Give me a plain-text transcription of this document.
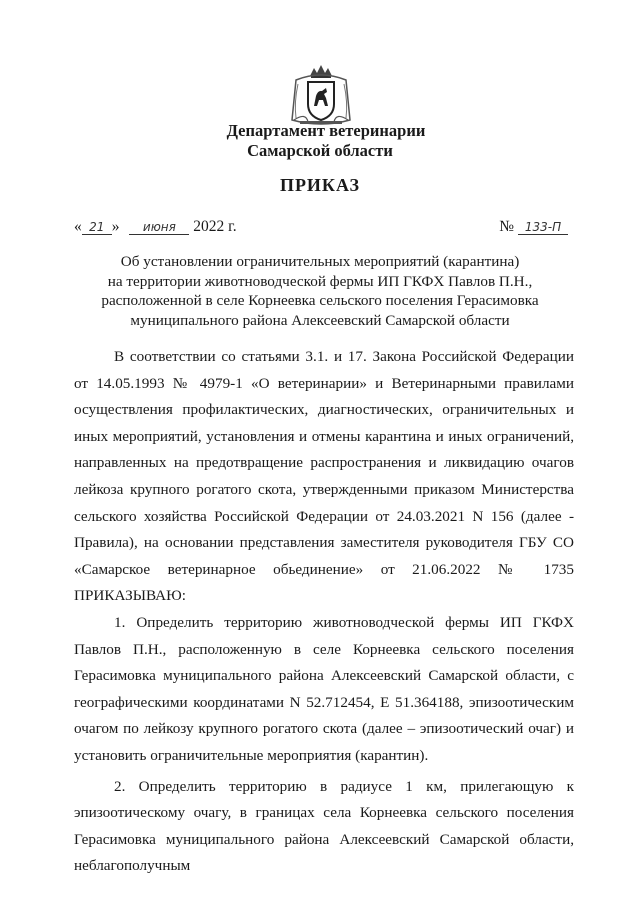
Департамент ветеринарии
Самарской области
ПРИКАЗ
« 21 » июня 2022 г.	№ 133-П
Об установлении ограничительных мероприятий (карантина)
на территории животноводческой фермы ИП ГКФХ Павлов П.Н.,
расположенной в селе Корнеевка сельского поселения Герасимовка
муниципального района Алексеевский Самарской области

В соответствии со статьями 3.1. и 17. Закона Российской Федерации от 14.05.1993 № 4979-1 «О ветеринарии» и Ветеринарными правилами осуществления профилактических, диагностических, ограничительных и иных мероприятий, установления и отмены карантина и иных ограничений, направленных на предотвращение распространения и ликвидацию очагов лейкоза крупного рогатого скота, утвержденными приказом Министерства сельского хозяйства Российской Федерации от 24.03.2021 N 156 (далее - Правила), на основании представления заместителя руководителя ГБУ СО «Самарское ветеринарное обьединение» от 21.06.2022 № 1735 ПРИКАЗЫВАЮ:

1. Определить территорию животноводческой фермы ИП ГКФХ Павлов П.Н., расположенную в селе Корнеевка сельского поселения Герасимовка муниципального района Алексеевский Самарской области, с географическими координатами N 52.712454, Е 51.364188, эпизоотическим очагом по лейкозу крупного рогатого скота (далее – эпизоотический очаг) и установить ограничительные мероприятия (карантин).

2. Определить территорию в радиусе 1 км, прилегающую к эпизоотическому очагу, в границах села Корнеевка сельского поселения Герасимовка муниципального района Алексеевский Самарской области, неблагополучным
